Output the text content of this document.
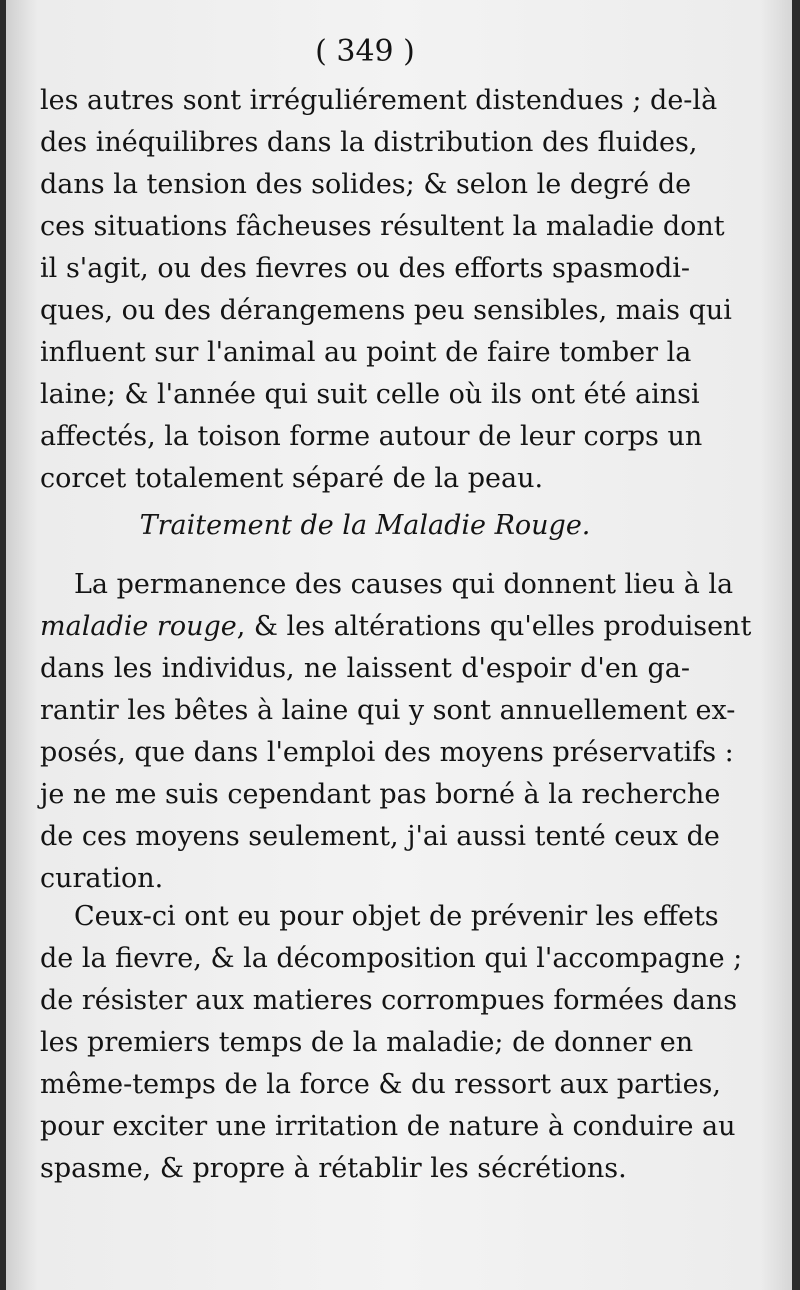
( 349 )
les autres sont irréguliérement distendues ; de-là
des inéquilibres dans la distribution des fluides,
dans la tension des solides; & selon le degré de
ces situations fâcheuses résultent la maladie dont
il s'agit, ou des fievres ou des efforts spasmodi-
ques, ou des dérangemens peu sensibles, mais qui
influent sur l'animal au point de faire tomber la
laine; & l'année qui suit celle où ils ont été ainsi
affectés, la toison forme autour de leur corps un
corcet totalement séparé de la peau.
Traitement de la Maladie Rouge.
La permanence des causes qui donnent lieu à la
maladie rouge, & les altérations qu'elles produisent
dans les individus, ne laissent d'espoir d'en ga-
rantir les bêtes à laine qui y sont annuellement ex-
posés, que dans l'emploi des moyens préservatifs :
je ne me suis cependant pas borné à la recherche
de ces moyens seulement, j'ai aussi tenté ceux de
curation.
Ceux-ci ont eu pour objet de prévenir les effets
de la fievre, & la décomposition qui l'accompagne ;
de résister aux matieres corrompues formées dans
les premiers temps de la maladie; de donner en
même-temps de la force & du ressort aux parties,
pour exciter une irritation de nature à conduire au
spasme, & propre à rétablir les sécrétions.
